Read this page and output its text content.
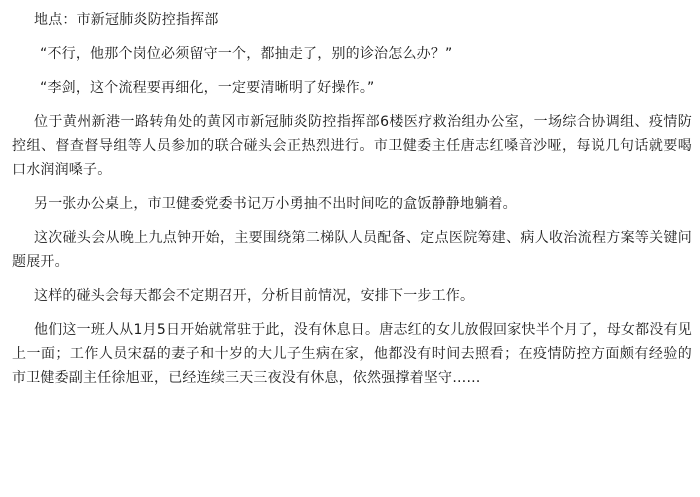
地点：市新冠肺炎防控指挥部

“不行，他那个岗位必须留守一个，都抽走了，别的诊治怎么办？”

“李剑，这个流程要再细化，一定要清晰明了好操作。”

位于黄州新港一路转角处的黄冈市新冠肺炎防控指挥部6楼医疗救治组办公室，一场综合协调组、疫情防控组、督查督导组等人员参加的联合碰头会正热烈进行。市卫健委主任唐志红嗓音沙哑，每说几句话就要喝口水润润嗓子。

另一张办公桌上，市卫健委党委书记万小勇抽不出时间吃的盒饭静静地躺着。

这次碰头会从晚上九点钟开始，主要围绕第二梯队人员配备、定点医院筹建、病人收治流程方案等关键问题展开。

这样的碰头会每天都会不定期召开，分析目前情况，安排下一步工作。

他们这一班人从1月5日开始就常驻于此，没有休息日。唐志红的女儿放假回家快半个月了，母女都没有见上一面；工作人员宋磊的妻子和十岁的大儿子生病在家，他都没有时间去照看；在疫情防控方面颇有经验的市卫健委副主任徐旭亚，已经连续三天三夜没有休息，依然强撑着坚守……
